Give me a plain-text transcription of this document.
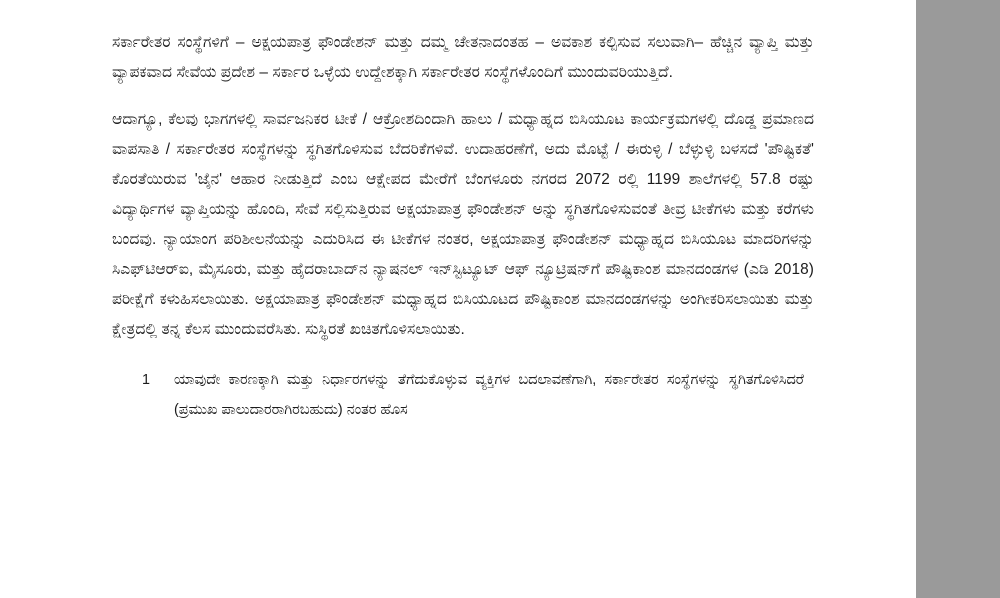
ಸರ್ಕಾರೇತರ ಸಂಸ್ಥೆಗಳಿಗೆ – ಅಕ್ಷಯಪಾತ್ರ ಫೌಂಡೇಶನ್ ಮತ್ತು ದಮ್ಮ ಚೇತನಾದಂತಹ – ಅವಕಾಶ ಕಲ್ಪಿಸುವ ಸಲುವಾಗಿ– ಹೆಚ್ಚಿನ ವ್ಯಾಪ್ತಿ ಮತ್ತು ವ್ಯಾಪಕವಾದ ಸೇವೆಯ ಪ್ರದೇಶ – ಸರ್ಕಾರ ಒಳ್ಳೆಯ ಉದ್ದೇಶಕ್ಕಾಗಿ ಸರ್ಕಾರೇತರ ಸಂಸ್ಥೆಗಳೊಂದಿಗೆ ಮುಂದುವರಿಯುತ್ತಿದೆ.

ಆದಾಗ್ಯೂ, ಕೆಲವು ಭಾಗಗಳಲ್ಲಿ ಸಾರ್ವಜನಿಕರ ಟೀಕೆ / ಆಕ್ರೋಶದಿಂದಾಗಿ ಹಾಲು / ಮಧ್ಯಾಹ್ನದ ಬಿಸಿಯೂಟ ಕಾರ್ಯಕ್ರಮಗಳಲ್ಲಿ ದೊಡ್ಡ ಪ್ರಮಾಣದ ವಾಪಸಾತಿ / ಸರ್ಕಾರೇತರ ಸಂಸ್ಥೆಗಳನ್ನು ಸ್ಥಗಿತಗೊಳಿಸುವ ಬೆದರಿಕೆಗಳಿವೆ. ಉದಾಹರಣೆಗೆ, ಅದು ಮೊಟ್ಟೆ / ಈರುಳ್ಳಿ / ಬೆಳ್ಳುಳ್ಳಿ ಬಳಸದೆ 'ಪೌಷ್ಟಿಕತೆ' ಕೊರತೆಯಿರುವ 'ಜೈನ' ಆಹಾರ ನೀಡುತ್ತಿದೆ ಎಂಬ ಆಕ್ಷೇಪದ ಮೇರೆಗೆ ಬೆಂಗಳೂರು ನಗರದ 2072 ರಲ್ಲಿ 1199 ಶಾಲೆಗಳಲ್ಲಿ 57.8 ರಷ್ಟು ವಿದ್ಯಾರ್ಥಿಗಳ ವ್ಯಾಪ್ತಿಯನ್ನು ಹೊಂದಿ, ಸೇವೆ ಸಲ್ಲಿಸುತ್ತಿರುವ ಅಕ್ಷಯಾಪಾತ್ರ ಫೌಂಡೇಶನ್ ಅನ್ನು ಸ್ಥಗಿತಗೊಳಿಸುವಂತೆ ತೀವ್ರ ಟೀಕೆಗಳು ಮತ್ತು ಕರೆಗಳು ಬಂದವು. ನ್ಯಾಯಾಂಗ ಪರಿಶೀಲನೆಯನ್ನು ಎದುರಿಸಿದ ಈ ಟೀಕೆಗಳ ನಂತರ, ಅಕ್ಷಯಾಪಾತ್ರ ಫೌಂಡೇಶನ್ ಮಧ್ಯಾಹ್ನದ ಬಿಸಿಯೂಟ ಮಾದರಿಗಳನ್ನು ಸಿಎಫ್‌ಟಿಆರ್‌ಐ, ಮೈಸೂರು, ಮತ್ತು ಹೈದರಾಬಾದ್‌ನ ನ್ಯಾಷನಲ್ ಇನ್‌ಸ್ಟಿಟ್ಯೂಟ್ ಆಫ್ ನ್ಯೂಟ್ರಿಷನ್‌ಗೆ ಪೌಷ್ಟಿಕಾಂಶ ಮಾನದಂಡಗಳ (ಎಡಿ 2018) ಪರೀಕ್ಷೆಗೆ ಕಳುಹಿಸಲಾಯಿತು. ಅಕ್ಷಯಾಪಾತ್ರ ಫೌಂಡೇಶನ್ ಮಧ್ಯಾಹ್ನದ ಬಿಸಿಯೂಟದ ಪೌಷ್ಟಿಕಾಂಶ ಮಾನದಂಡಗಳನ್ನು ಅಂಗೀಕರಿಸಲಾಯಿತು ಮತ್ತು ಕ್ಷೇತ್ರದಲ್ಲಿ ತನ್ನ ಕೆಲಸ ಮುಂದುವರೆಸಿತು. ಸುಸ್ಥಿರತೆ ಖಚಿತಗೊಳಿಸಲಾಯಿತು.

1	ಯಾವುದೇ ಕಾರಣಕ್ಕಾಗಿ ಮತ್ತು ನಿರ್ಧಾರಗಳನ್ನು ತೆಗೆದುಕೊಳ್ಳುವ ವ್ಯಕ್ತಿಗಳ ಬದಲಾವಣೆಗಾಗಿ, ಸರ್ಕಾರೇತರ ಸಂಸ್ಥೆಗಳನ್ನು ಸ್ಥಗಿತಗೊಳಿಸಿದರೆ (ಪ್ರಮುಖ ಪಾಲುದಾರರಾಗಿರಬಹುದು) ನಂತರ ಹೊಸ
